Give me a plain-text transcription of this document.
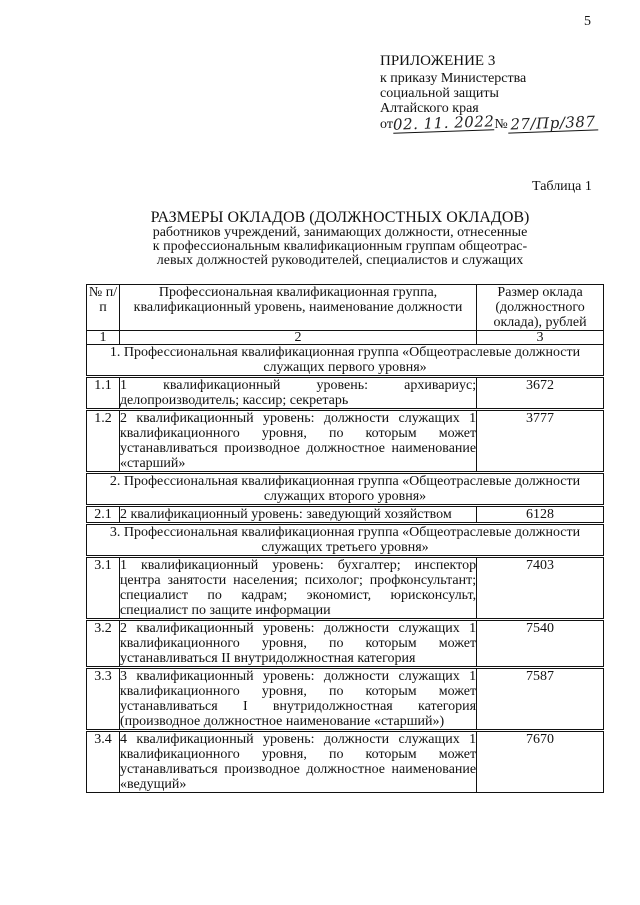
5
ПРИЛОЖЕНИЕ 3
к приказу Министерства
социальной защиты
Алтайского края
от02. 11. 2022№ 27/Пр/387
Таблица 1
РАЗМЕРЫ ОКЛАДОВ (ДОЛЖНОСТНЫХ ОКЛАДОВ)
работников учреждений, занимающих должности, отнесенные
к профессиональным квалификационным группам общеотрас-
левых должностей руководителей, специалистов и служащих
№ п/п	Профессиональная квалификационная группа, квалификационный уровень, наименование должности	Размер оклада (должностного оклада), рублей
1	2	3
1. Профессиональная квалификационная группа «Общеотраслевые должности служащих первого уровня»		
1.1	1 квалификационный уровень: архивариус; делопроизводитель; кассир; секретарь	3672
1.2	2 квалификационный уровень: должности служащих 1 квалификационного уровня, по которым может устанавливаться производное должностное наименование «старший»	3777
2. Профессиональная квалификационная группа «Общеотраслевые должности служащих второго уровня»		
2.1	2 квалификационный уровень: заведующий хозяйством	6128
3. Профессиональная квалификационная группа «Общеотраслевые должности служащих третьего уровня»		
3.1	1 квалификационный уровень: бухгалтер; инспектор центра занятости населения; психолог; профконсультант; специалист по кадрам; экономист, юрисконсульт, специалист по защите информации	7403
3.2	2 квалификационный уровень: должности служащих 1 квалификационного уровня, по которым может устанавливаться II внутридолжностная категория	7540
3.3	3 квалификационный уровень: должности служащих 1 квалификационного уровня, по которым может устанавливаться I внутридолжностная категория (производное должностное наименование «старший»)	7587
3.4	4 квалификационный уровень: должности служащих 1 квалификационного уровня, по которым может устанавливаться производное должностное наименование «ведущий»	7670
